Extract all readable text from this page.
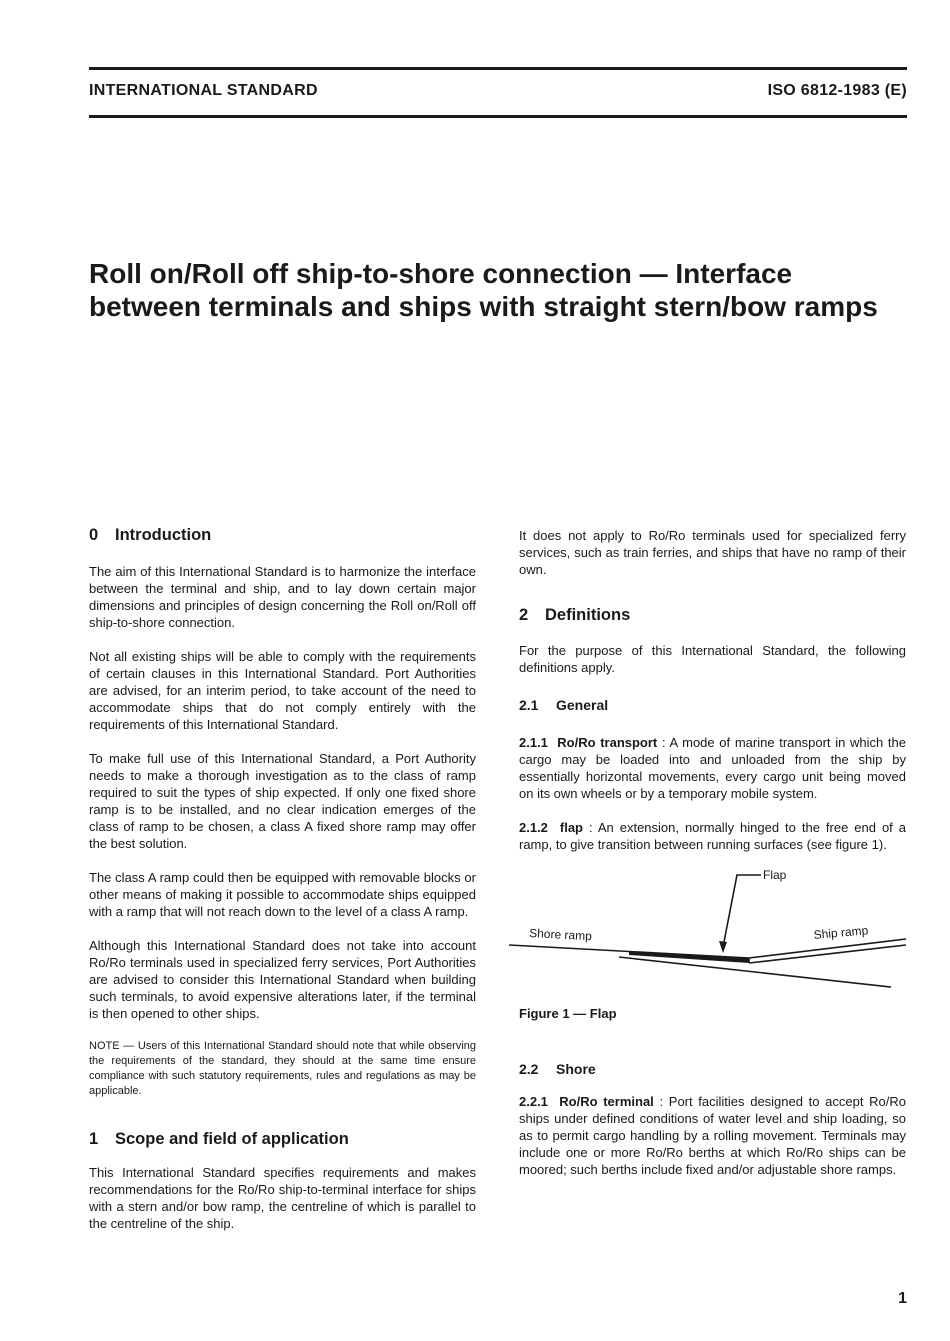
INTERNATIONAL STANDARD	ISO 6812-1983 (E)
Roll on/Roll off ship-to-shore connection — Interface between terminals and ships with straight stern/bow ramps
0 Introduction

The aim of this International Standard is to harmonize the interface between the terminal and ship, and to lay down certain major dimensions and principles of design concerning the Roll on/Roll off ship-to-shore connection.

Not all existing ships will be able to comply with the requirements of certain clauses in this International Standard. Port Authorities are advised, for an interim period, to take account of the need to accommodate ships that do not comply entirely with the requirements of this International Standard.

To make full use of this International Standard, a Port Authority needs to make a thorough investigation as to the class of ramp required to suit the types of ship expected. If only one fixed shore ramp is to be installed, and no clear indication emerges of the class of ramp to be chosen, a class A fixed shore ramp may offer the best solution.

The class A ramp could then be equipped with removable blocks or other means of making it possible to accommodate ships equipped with a ramp that will not reach down to the level of a class A ramp.

Although this International Standard does not take into account Ro/Ro terminals used in specialized ferry services, Port Authorities are advised to consider this International Standard when building such terminals, to avoid expensive alterations later, if the terminal is then opened to other ships.

NOTE — Users of this International Standard should note that while observing the requirements of the standard, they should at the same time ensure compliance with such statutory requirements, rules and regulations as may be applicable.

1 Scope and field of application

This International Standard specifies requirements and makes recommendations for the Ro/Ro ship-to-terminal interface for ships with a stern and/or bow ramp, the centreline of which is parallel to the centreline of the ship.

It does not apply to Ro/Ro terminals used for specialized ferry services, such as train ferries, and ships that have no ramp of their own.

2 Definitions

For the purpose of this International Standard, the following definitions apply.

2.1 General

2.1.1 Ro/Ro transport : A mode of marine transport in which the cargo may be loaded into and unloaded from the ship by essentially horizontal movements, every cargo unit being moved on its own wheels or by a temporary mobile system.

2.1.2 flap : An extension, normally hinged to the free end of a ramp, to give transition between running surfaces (see figure 1).

Flap
Shore ramp	Ship ramp

Figure 1 — Flap

2.2 Shore

2.2.1 Ro/Ro terminal : Port facilities designed to accept Ro/Ro ships under defined conditions of water level and ship loading, so as to permit cargo handling by a rolling movement. Terminals may include one or more Ro/Ro berths at which Ro/Ro ships can be moored; such berths include fixed and/or adjustable shore ramps.

1
